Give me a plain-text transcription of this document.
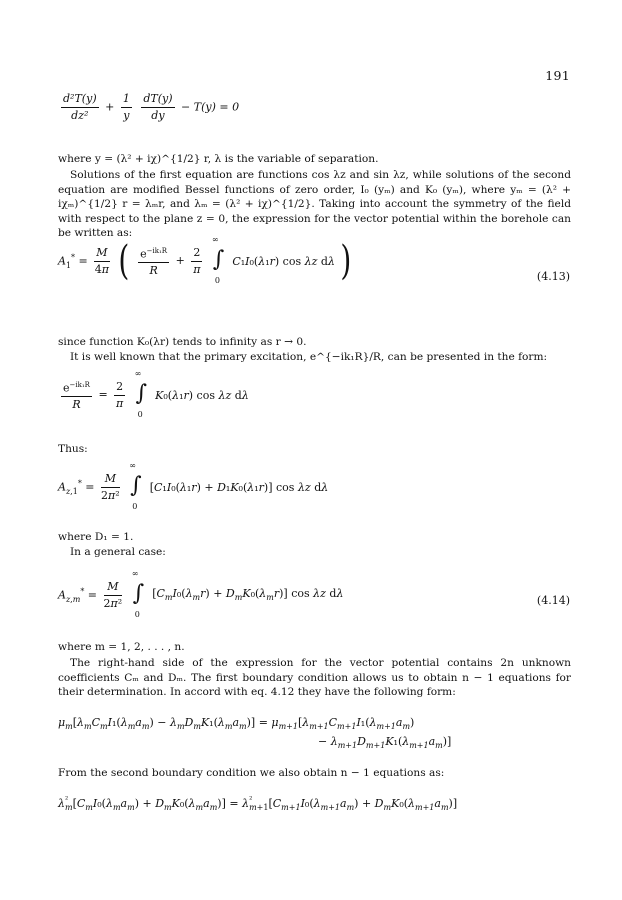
191
$\frac{\text{d²T(y)}}{\text{dz²}} + \frac{1}{y}$
$\frac{dT(y)}{dy} - T(y) = 0$
where y = (λ² + iχ)^{1/2} r, λ is the variable of separation.
Solutions of the first equation are functions cos λz and sin λz, while solutions of the second equation are modified Bessel functions of zero order, I₀ (yₘ) and K₀ (yₘ), where yₘ = (λ² + iχₘ)^{1/2} r = λₘr, and λₘ = (λ² + iχ)^{1/2}. Taking into account the symmetry of the field with respect to the plane z = 0, the expression for the vector potential within the borehole can be written as:
$A_1^* = \frac{M}{4\pi}$ ( $\frac{e^{-ik_1R}}{R} + \frac{2}{\pi}$

∞
∫
0
C₁I₀(λ₁r) cos λz dλ )	(4.13)
since function K₀(λr) tends to infinity as r → 0.
It is well known that the primary excitation, e^{−ik₁R}/R, can be presented in the form:
$\frac{e^{-ik_1R}}{R} = \frac{2}{\pi}$

∞
∫
0
K₀(λ₁r) cos λz dλ
Thus:
$A_{z,1}^* = \frac{M}{\text{2π²}}$

∞
∫
0
[C₁I₀(λ₁r) + D₁K₀(λ₁r)] cos λz dλ
where D₁ = 1.
In a general case:
$A_{z,m}^* = \frac{M}{\text{2π²}}$

∞
∫
0
$[C_mI_0(\lambda_mr) + D_mK_0(\lambda_mr)]$ cos λz dλ
(4.14)
where m = 1, 2, . . . , n.
The right-hand side of the expression for the vector potential contains 2n unknown coefficients Cₘ and Dₘ. The first boundary condition allows us to obtain n − 1 equations for their determination. In accord with eq. 4.12 they have the following form:
$\mu_m[\lambda_mC_mI_1(\lambda_ma_m) - \lambda_mD_mK_1(\lambda_ma_m)] = \mu_{m+1}[\lambda_{m+1}C_{m+1}I_1(\lambda_{m+1}a_m)$
− $\lambda_{m+1}D_{m+1}K_1(\lambda_{m+1}a_m)$]
From the second boundary condition we also obtain n − 1 equations as:
λ²
$m[C_mI_0(\lambda_ma_m) + D_mK_0(\lambda_ma_m)] = \lambda^2$
$m+1[C_{m+1}I_0(\lambda_{m+1}a_m) + D_mK_0(\lambda_{m+1}a_m)]$
